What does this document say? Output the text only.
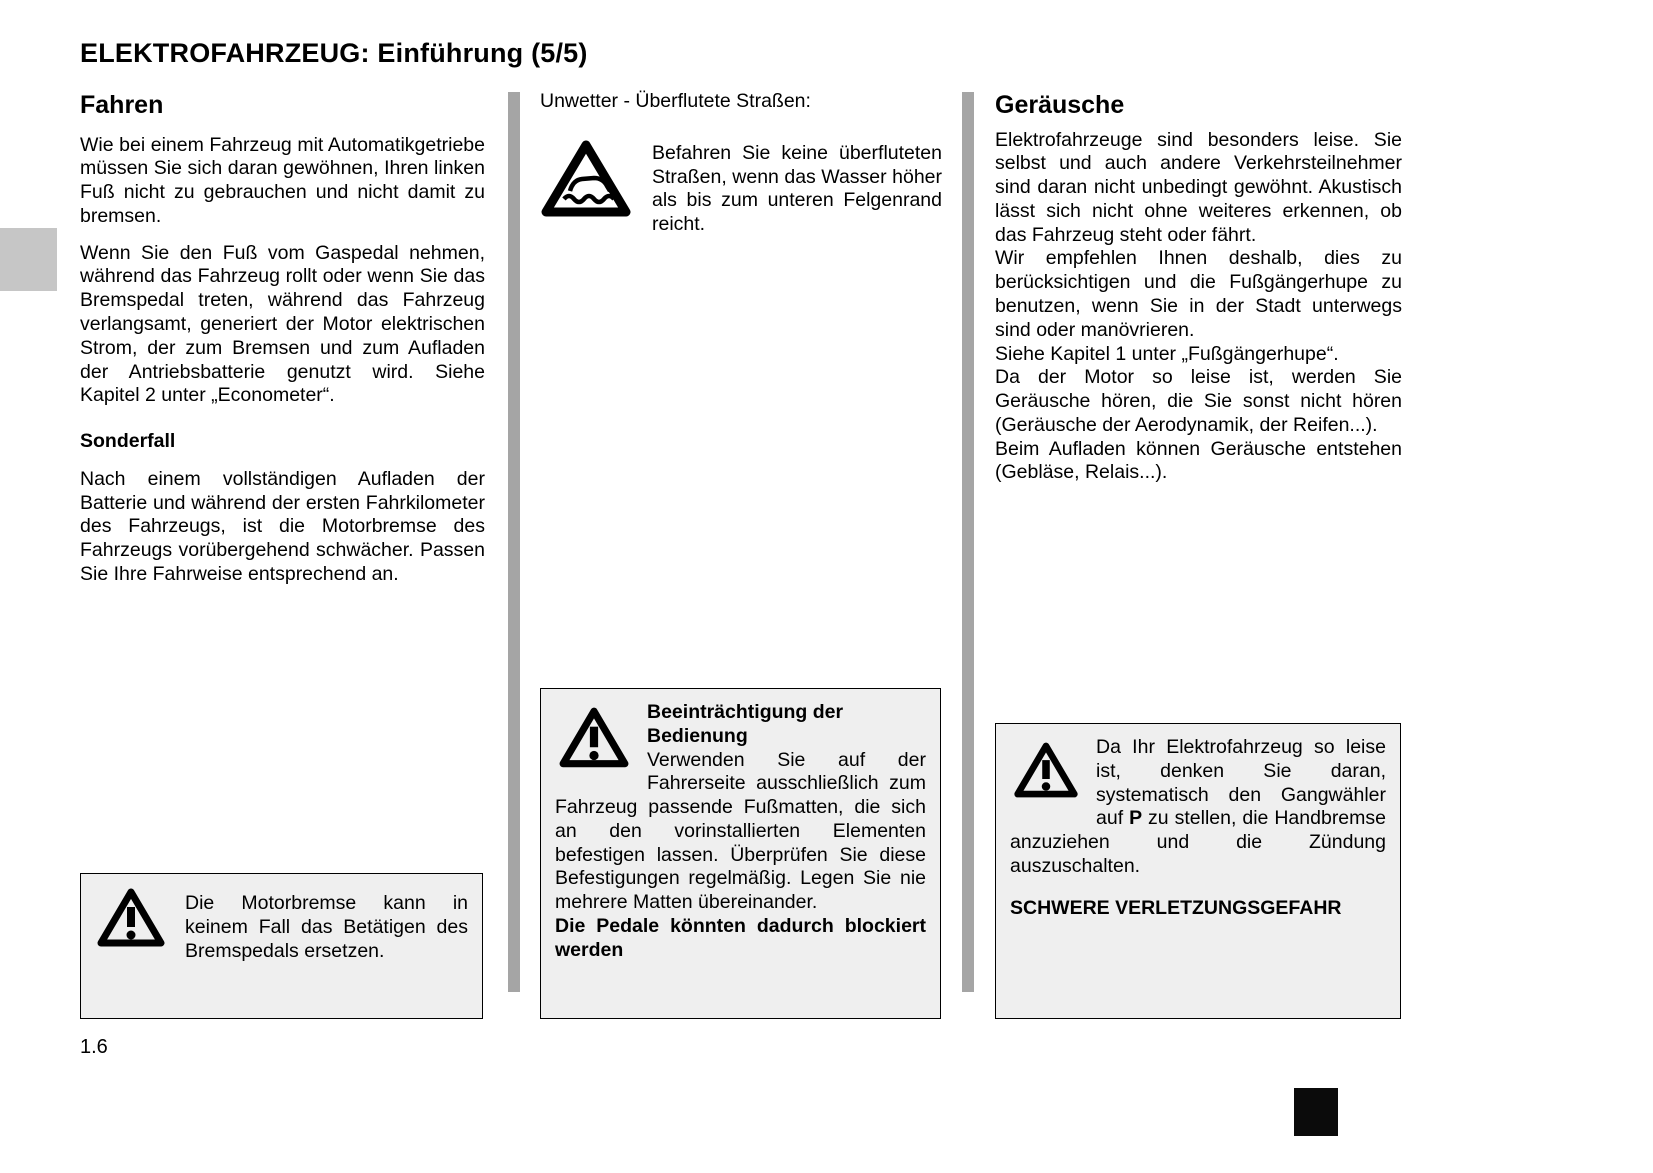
ELEKTROFAHRZEUG: Einführung (5/5)
Fahren

Wie bei einem Fahrzeug mit Automatikgetriebe müssen Sie sich daran gewöhnen, Ihren linken Fuß nicht zu gebrauchen und nicht damit zu bremsen.

Wenn Sie den Fuß vom Gaspedal nehmen, während das Fahrzeug rollt oder wenn Sie das Bremspedal treten, während das Fahrzeug verlangsamt, generiert der Motor elektrischen Strom, der zum Bremsen und zum Aufladen der Antriebsbatterie genutzt wird. Siehe Kapitel 2 unter „Econometer“.

Sonderfall

Nach einem vollständigen Aufladen der Batterie und während der ersten Fahrkilometer des Fahrzeugs, ist die Motorbremse des Fahrzeugs vorübergehend schwächer. Passen Sie Ihre Fahrweise entsprechend an.

Unwetter - Überflutete Straßen:

Befahren Sie keine überfluteten Straßen, wenn das Wasser höher als bis zum unteren Felgenrand reicht.

Geräusche

Elektrofahrzeuge sind besonders leise. Sie selbst und auch andere Verkehrsteilnehmer sind daran nicht unbedingt gewöhnt. Akustisch lässt sich nicht ohne weiteres erkennen, ob das Fahrzeug steht oder fährt.

Wir empfehlen Ihnen deshalb, dies zu berücksichtigen und die Fußgängerhupe zu benutzen, wenn Sie in der Stadt unterwegs sind oder manövrieren.

Siehe Kapitel 1 unter „Fußgängerhupe“.

Da der Motor so leise ist, werden Sie Geräusche hören, die Sie sonst nicht hören (Geräusche der Aerodynamik, der Reifen...).

Beim Aufladen können Geräusche entstehen (Gebläse, Relais...).

Die Motorbremse kann in keinem Fall das Betätigen des Bremspedals ersetzen.

Beeinträchtigung der Bedienung

Verwenden Sie auf der Fahrerseite ausschließlich zum Fahrzeug passende Fußmatten, die sich an den vorinstallierten Elementen befestigen lassen. Überprüfen Sie diese Befestigungen regelmäßig. Legen Sie nie mehrere Matten übereinander.

Die Pedale könnten dadurch blockiert werden

Da Ihr Elektrofahrzeug so leise ist, denken Sie daran, systematisch den Gangwähler auf P zu stellen, die Handbremse anzuziehen und die Zündung auszuschalten.

SCHWERE VERLETZUNGSGEFAHR

1.6
